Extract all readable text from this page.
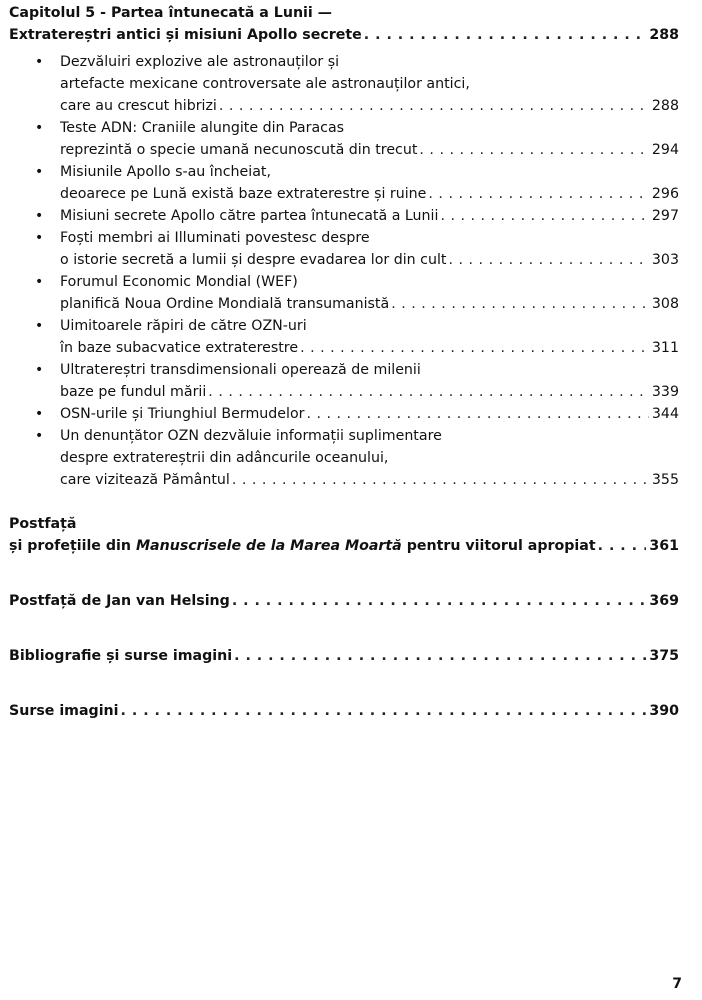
Capitolul 5 - Partea întunecată a Lunii —
Extratereștri antici și misiuni Apollo secrete . . .	288
• Dezvăluiri explozive ale astronauților și
artefacte mexicane controversate ale astronauților antici,
care au crescut hibrizi . . .	288
• Teste ADN: Craniile alungite din Paracas
reprezintă o specie umană necunoscută din trecut . . .	294
• Misiunile Apollo s-au încheiat,
deoarece pe Lună există baze extraterestre și ruine . . .	296
• Misiuni secrete Apollo către partea întunecată a Lunii . . .	297
• Foști membri ai Illuminati povestesc despre
o istorie secretă a lumii și despre evadarea lor din cult . . .	303
• Forumul Economic Mondial (WEF)
planifică Noua Ordine Mondială transumanistă . . .	308
• Uimitoarele răpiri de către OZN-uri
în baze subacvatice extraterestre . . .	311
• Ultratereștri transdimensionali operează de milenii
baze pe fundul mării . . .	339
• OSN-urile și Triunghiul Bermudelor . . .	344
• Un denunțător OZN dezvăluie informații suplimentare
despre extratereștrii din adâncurile oceanului,
care vizitează Pământul . . .	355
Postfață
și profețiile din Manuscrisele de la Marea Moartă pentru viitorul apropiat . . .	361
Postfață de Jan van Helsing . . .	369
Bibliografie și surse imagini . . .	375
Surse imagini . . .	390
7
